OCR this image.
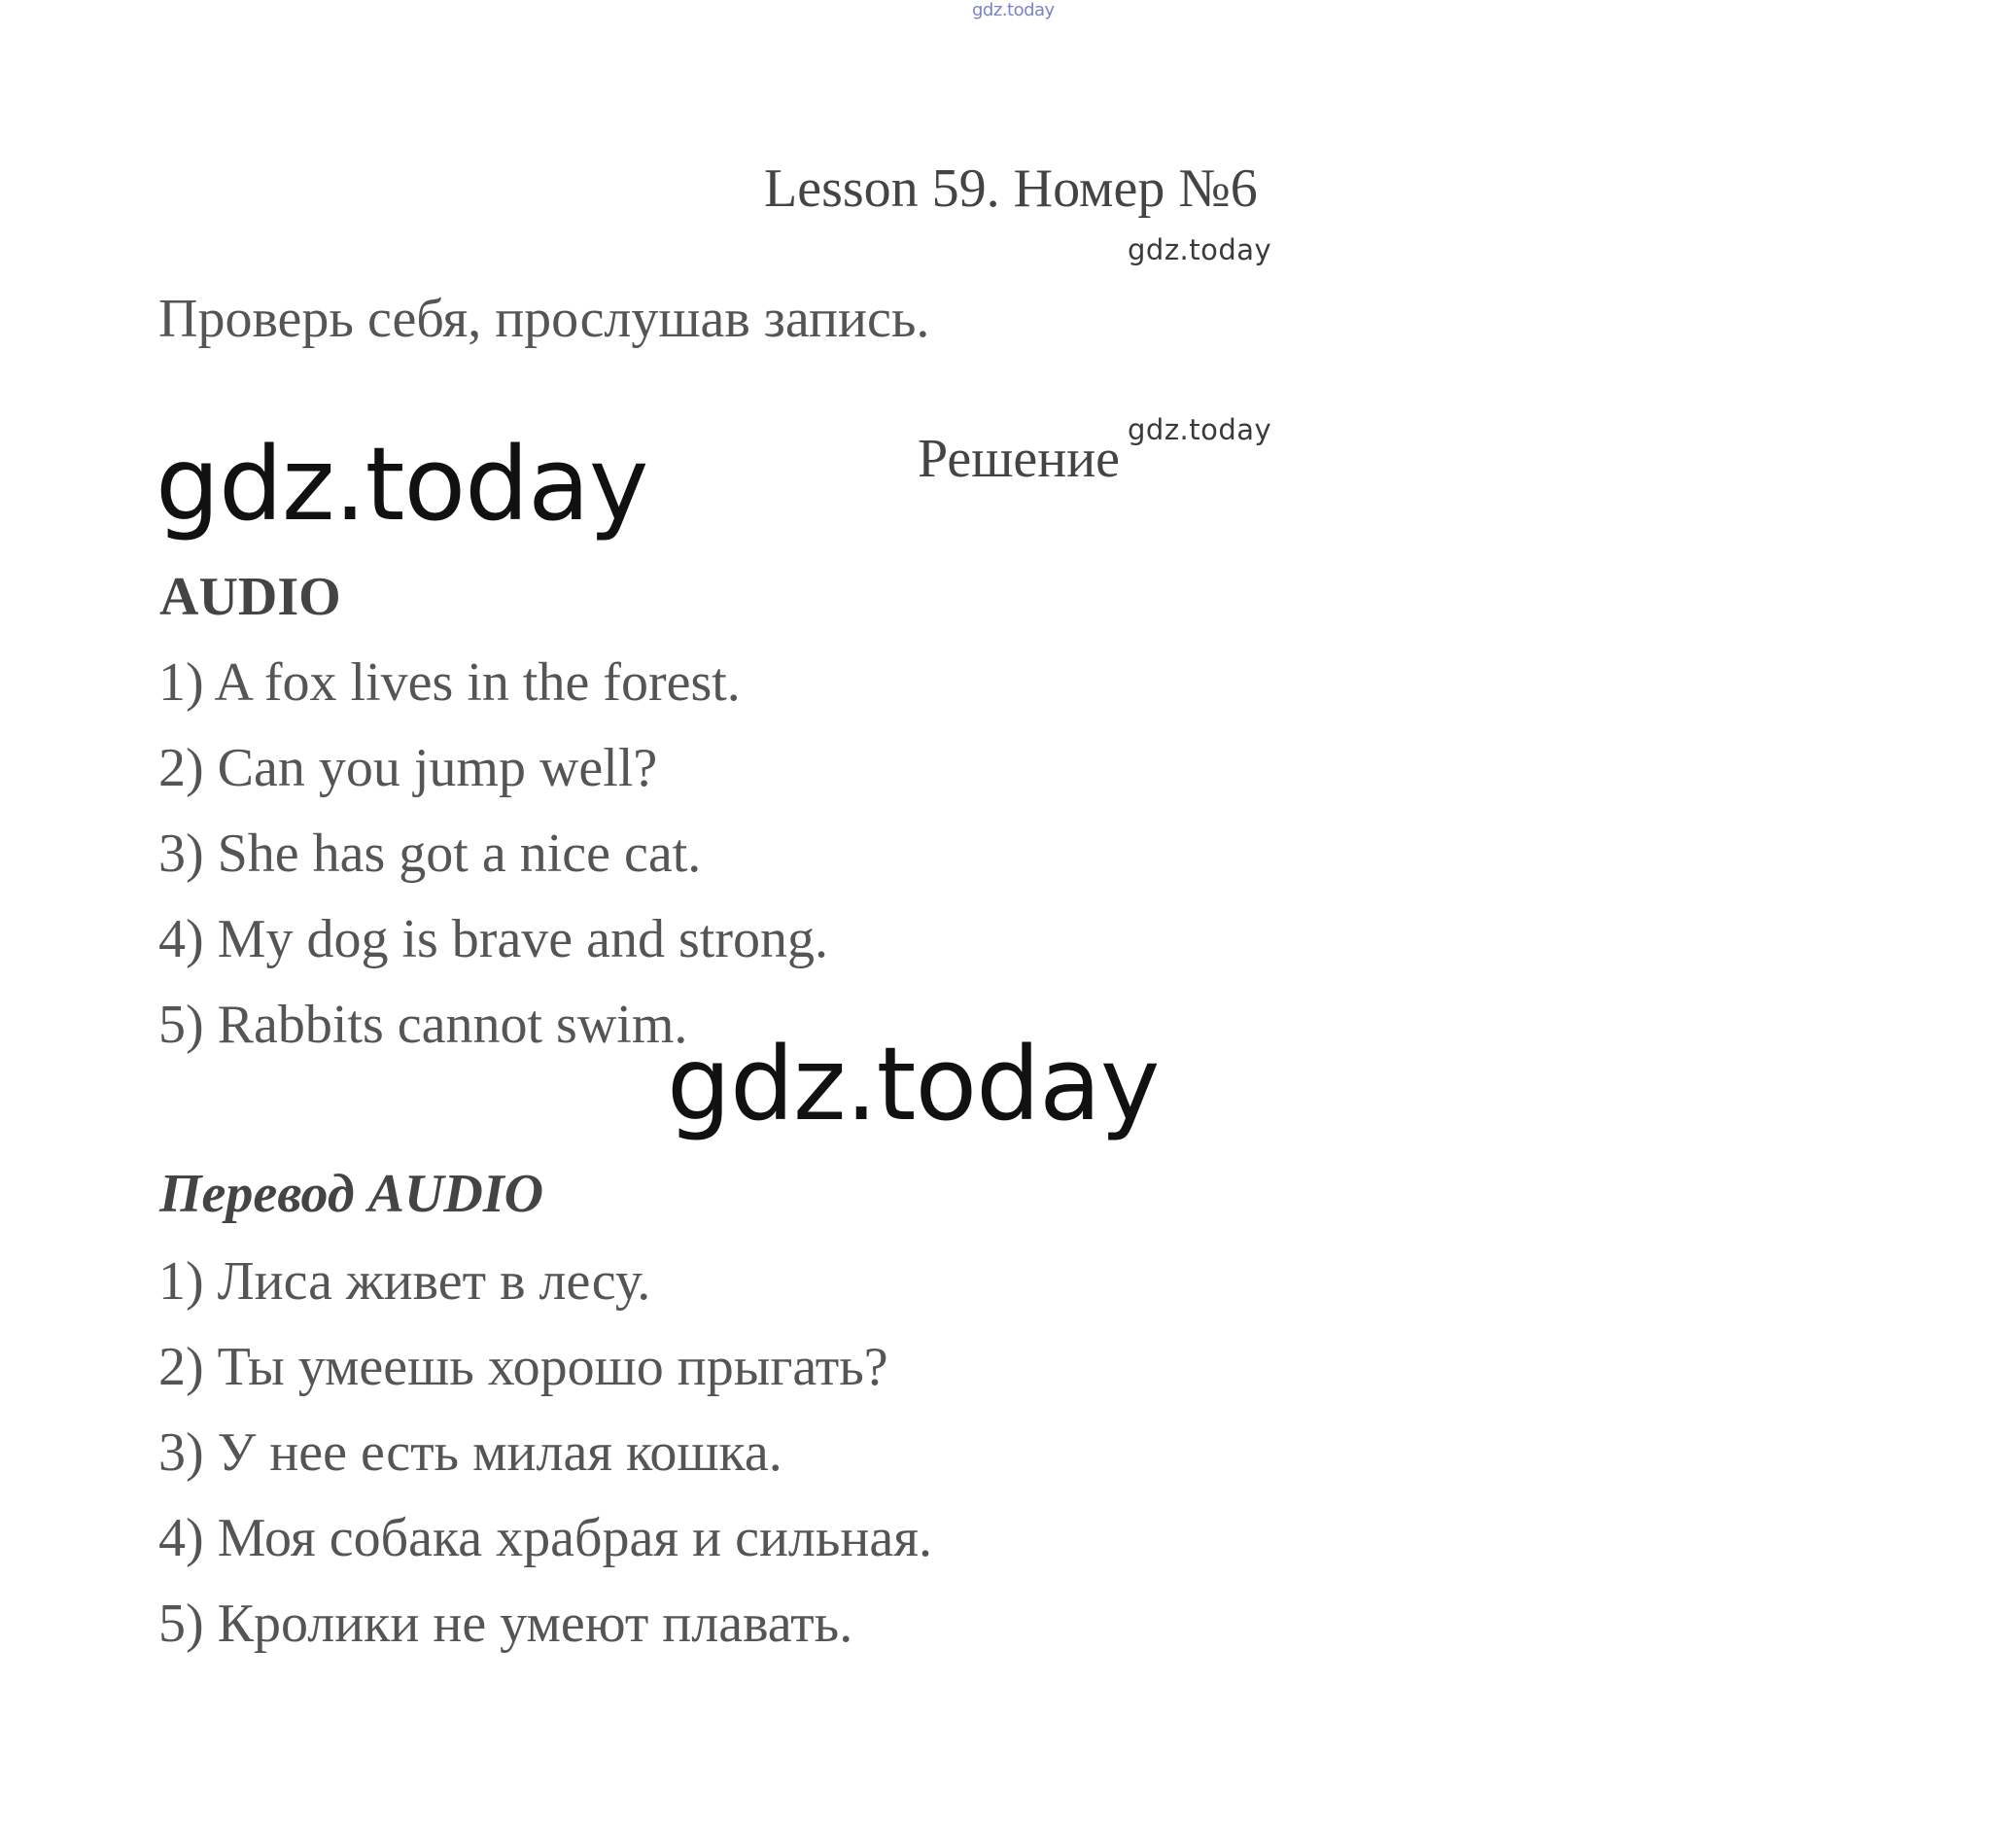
gdz.today
Lesson 59. Номер №6
gdz.today
Проверь себя, прослушав запись.
Решение gdz.today
gdz.today
AUDIO
1) A fox lives in the forest.
2) Can you jump well?
3) She has got a nice cat.
4) My dog is brave and strong.
5) Rabbits cannot swim.
gdz.today
Перевод AUDIO
1) Лиса живет в лесу.
2) Ты умеешь хорошо прыгать?
3) У нее есть милая кошка.
4) Моя собака храбрая и сильная.
5) Кролики не умеют плавать.
